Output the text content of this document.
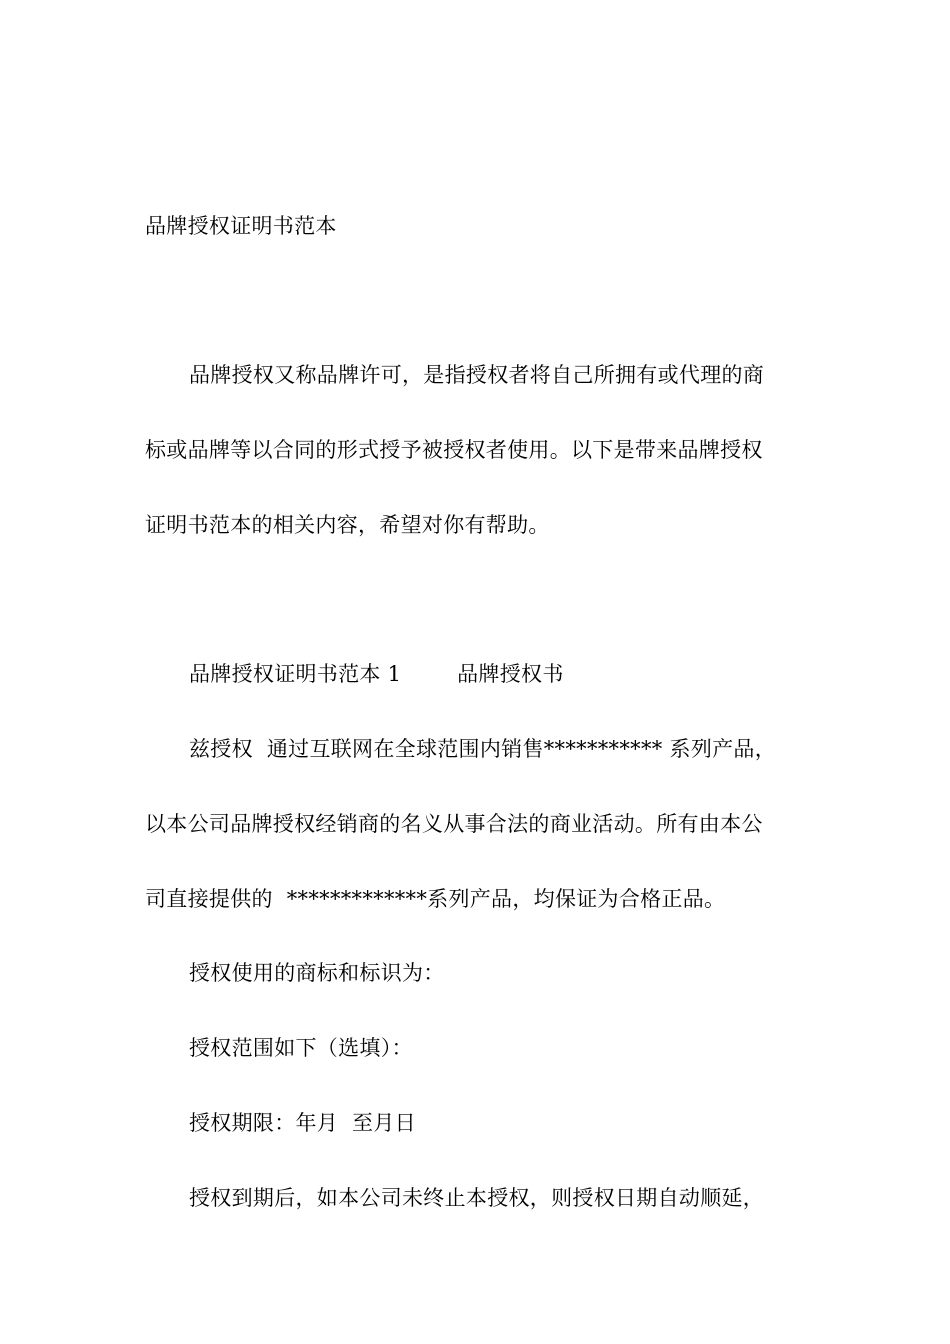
品牌授权证明书范本
品牌授权又称品牌许可，是指授权者将自己所拥有或代理的商
标或品牌等以合同的形式授予被授权者使用。以下是带来品牌授权
证明书范本的相关内容，希望对你有帮助。
品牌授权证明书范本 1        品牌授权书
兹授权  通过互联网在全球范围内销售*********** 系列产品，
以本公司品牌授权经销商的名义从事合法的商业活动。所有由本公
司直接提供的  *************系列产品，均保证为合格正品。
授权使用的商标和标识为：
授权范围如下（选填）：
授权期限：年月  至月日
授权到期后，如本公司未终止本授权，则授权日期自动顺延，
